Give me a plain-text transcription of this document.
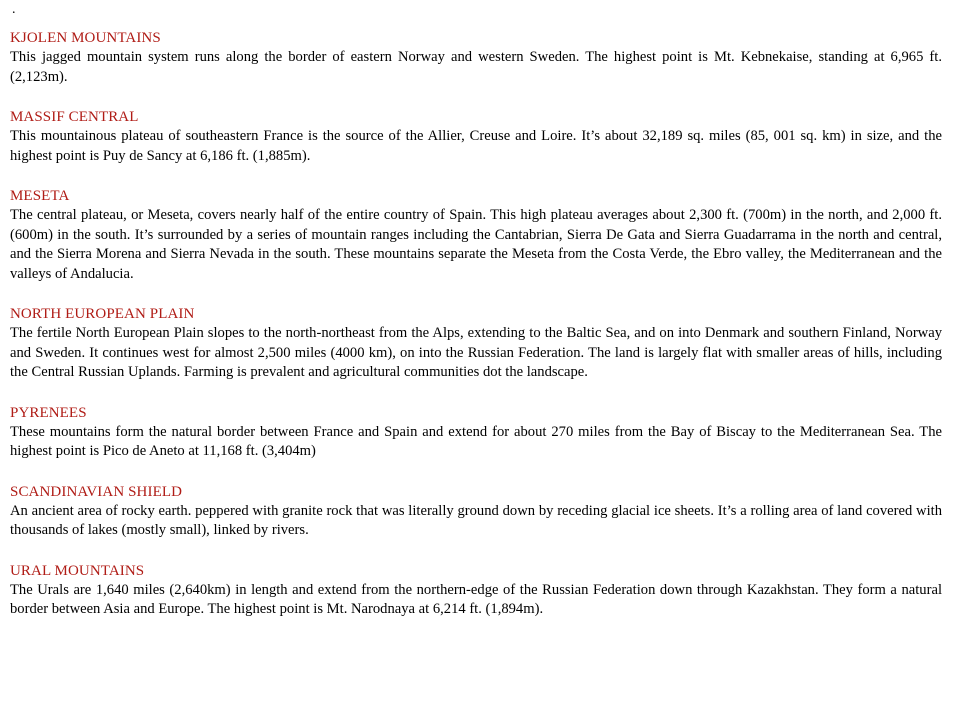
.
KJOLEN MOUNTAINS

This jagged mountain system runs along the border of eastern Norway and western Sweden. The highest point is Mt. Kebnekaise, standing at 6,965 ft. (2,123m).

MASSIF CENTRAL

This mountainous plateau of southeastern France is the source of the Allier, Creuse and Loire. It’s about 32,189 sq. miles (85, 001 sq. km) in size, and the highest point is Puy de Sancy at 6,186 ft. (1,885m).

MESETA

The central plateau, or Meseta, covers nearly half of the entire country of Spain. This high plateau averages about 2,300 ft. (700m) in the north, and 2,000 ft. (600m) in the south. It’s surrounded by a series of mountain ranges including the Cantabrian, Sierra De Gata and Sierra Guadarrama in the north and central, and the Sierra Morena and Sierra Nevada in the south. These mountains separate the Meseta from the Costa Verde, the Ebro valley, the Mediterranean and the valleys of Andalucia.

NORTH EUROPEAN PLAIN

The fertile North European Plain slopes to the north-northeast from the Alps, extending to the Baltic Sea, and on into Denmark and southern Finland, Norway and Sweden. It continues west for almost 2,500 miles (4000 km), on into the Russian Federation. The land is largely flat with smaller areas of hills, including the Central Russian Uplands. Farming is prevalent and agricultural communities dot the landscape.

PYRENEES

These mountains form the natural border between France and Spain and extend for about 270 miles from the Bay of Biscay to the Mediterranean Sea. The highest point is Pico de Aneto at 11,168 ft. (3,404m)

SCANDINAVIAN SHIELD

An ancient area of rocky earth. peppered with granite rock that was literally ground down by receding glacial ice sheets. It’s a rolling area of land covered with thousands of lakes (mostly small), linked by rivers.

URAL MOUNTAINS

The Urals are 1,640 miles (2,640km) in length and extend from the northern-edge of the Russian Federation down through Kazakhstan. They form a natural border between Asia and Europe. The highest point is Mt. Narodnaya at 6,214 ft. (1,894m).
